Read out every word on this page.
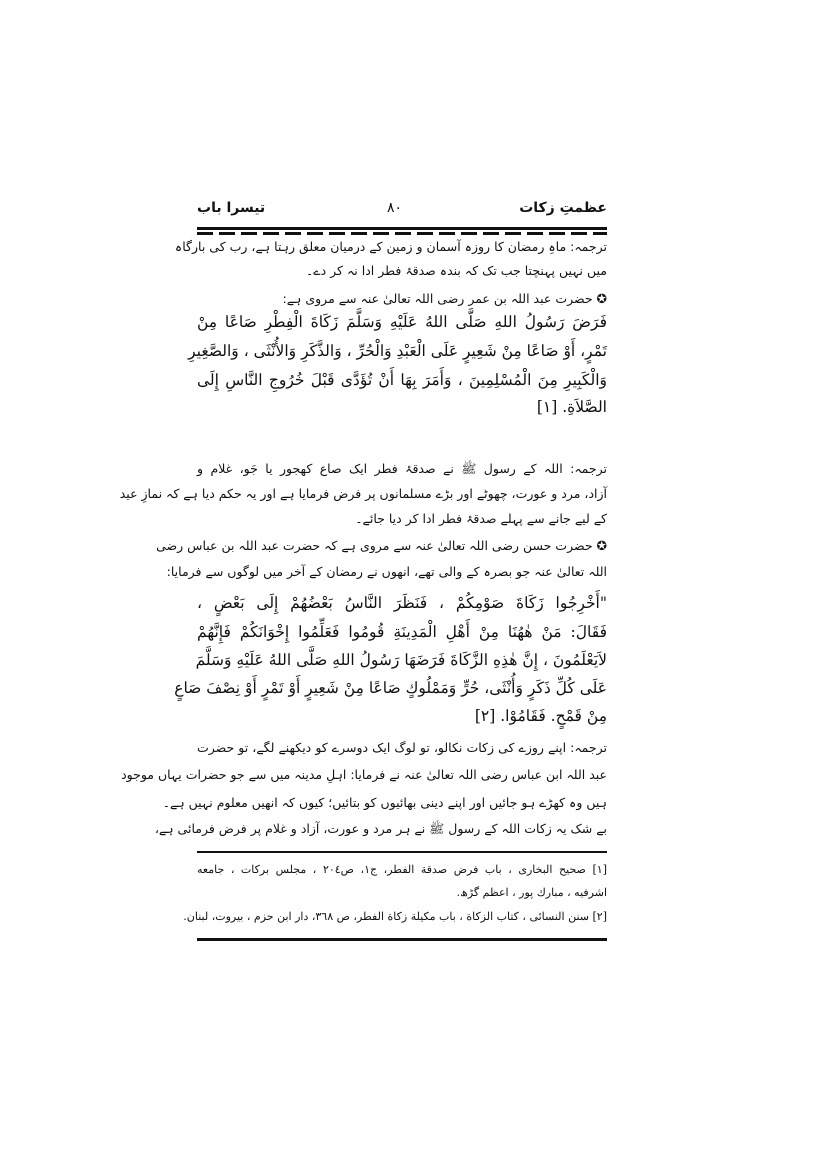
عظمتِ زکات
٨٠
تیسرا باب
ترجمہ: ماہِ رمضان کا روزہ آسمان و زمین کے درمیان معلق رہتا ہے، رب کی بارگاہ
میں نہیں پہنچتا جب تک کہ بندہ صدقۂ فطر ادا نہ کر دے۔
✪ حضرت عبد اللہ بن عمر رضی اللہ تعالیٰ عنہ سے مروی ہے:
فَرَضَ رَسُولُ اللهِ صَلَّى اللهُ عَلَيْهِ وَسَلَّمَ زَكَاةَ الْفِطْرِ صَاعًا مِنْ
تَمْرٍ، أَوْ صَاعًا مِنْ شَعِيرٍ عَلَى الْعَبْدِ وَالْحُرِّ ، وَالذَّكَرِ وَالأُنْثَى ، وَالصَّغِيرِ
وَالْكَبِيرِ مِنَ الْمُسْلِمِينَ ، وَأَمَرَ بِهَا أَنْ تُؤَدَّى قَبْلَ خُرُوجِ النَّاسِ إِلَى
الصَّلاَةِ. [١]
ترجمہ: اللہ کے رسول ﷺ نے صدقۂ فطر ایک صاع کھجور یا جَو، غلام و
آزاد، مرد و عورت، چھوٹے اور بڑے مسلمانوں پر فرض فرمایا ہے اور یہ حکم دیا ہے کہ نمازِ عید
کے لیے جانے سے پہلے صدقۂ فطر ادا کر دیا جائے۔
✪ حضرت حسن رضی اللہ تعالیٰ عنہ سے مروی ہے کہ حضرت عبد اللہ بن عباس رضی
اللہ تعالیٰ عنہ جو بصرہ کے والی تھے، انھوں نے رمضان کے آخر میں لوگوں سے فرمایا:
"أَخْرِجُوا زَكَاةَ صَوْمِكُمْ ، فَنَظَرَ النَّاسُ بَعْضُهُمْ إِلَى بَعْضٍ ،
فَقَالَ: مَنْ هٰهُنَا مِنْ أَهْلِ الْمَدِينَةِ قُومُوا فَعَلِّمُوا إِخْوَانَكُمْ فَإِنَّهُمْ
لاَيَعْلَمُونَ ، إِنَّ هٰذِهِ الزَّكَاةَ فَرَضَهَا رَسُولُ اللهِ صَلَّى اللهُ عَلَيْهِ وَسَلَّمَ
عَلَى كُلِّ ذَكَرٍ وَأُنْثَى، حُرٍّ وَمَمْلُوكٍ صَاعًا مِنْ شَعِيرٍ أَوْ تَمْرٍ أَوْ نِصْفَ صَاعٍ
مِنْ قَمْحٍ. فَقَامُوْا. [٢]
ترجمہ: اپنے روزے کی زکات نکالو، تو لوگ ایک دوسرے کو دیکھنے لگے، تو حضرت
عبد اللہ ابن عباس رضی اللہ تعالیٰ عنہ نے فرمایا: اہلِ مدینہ میں سے جو حضرات یہاں موجود
ہیں وہ کھڑے ہو جائیں اور اپنے دینی بھائیوں کو بتائیں؛ کیوں کہ انھیں معلوم نہیں ہے۔
بے شک یہ زکات اللہ کے رسول ﷺ نے ہر مرد و عورت، آزاد و غلام پر فرض فرمائی ہے،
[١] صحيح البخاری ، باب فرض صدقة الفطر، ج١، ص٢٠٤ ، مجلس برکات ، جامعه
اشرفیه ، مبارك پور ، اعظم گڑھ.
[٢] سنن النسائی ، کتاب الزکاة ، باب مکیلة زکاة الفطر، ص ٣٦٨، دار ابن حزم ، بیروت، لبنان.
